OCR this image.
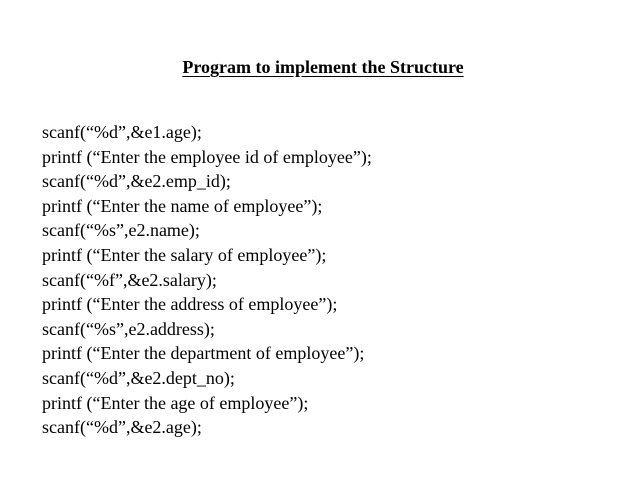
Program to implement the Structure
scanf(“%d”,&e1.age);
printf (“Enter the employee id of employee”);
scanf(“%d”,&e2.emp_id);
printf (“Enter the name of employee”);
scanf(“%s”,e2.name);
printf (“Enter the salary of employee”);
scanf(“%f”,&e2.salary);
printf (“Enter the address of employee”);
scanf(“%s”,e2.address);
printf (“Enter the department of employee”);
scanf(“%d”,&e2.dept_no);
printf (“Enter the age of employee”);
scanf(“%d”,&e2.age);
